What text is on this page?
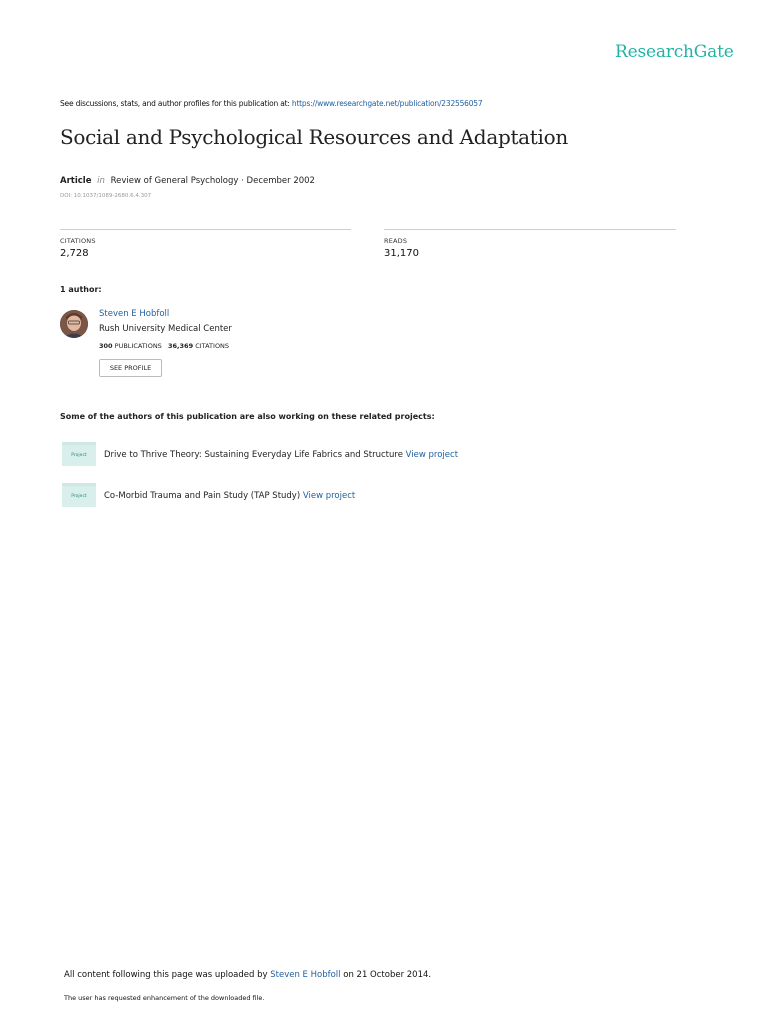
ResearchGate
See discussions, stats, and author profiles for this publication at: https://www.researchgate.net/publication/232556057
Social and Psychological Resources and Adaptation
Article in Review of General Psychology · December 2002
DOI: 10.1037/1089-2680.6.4.307
CITATIONS
2,728
READS
31,170
1 author:
Steven E Hobfoll
Rush University Medical Center
300 PUBLICATIONS 36,369 CITATIONS
SEE PROFILE
Some of the authors of this publication are also working on these related projects:
Project	Drive to Thrive Theory: Sustaining Everyday Life Fabrics and Structure View project
Project	Co-Morbid Trauma and Pain Study (TAP Study) View project
All content following this page was uploaded by Steven E Hobfoll on 21 October 2014.
The user has requested enhancement of the downloaded file.
